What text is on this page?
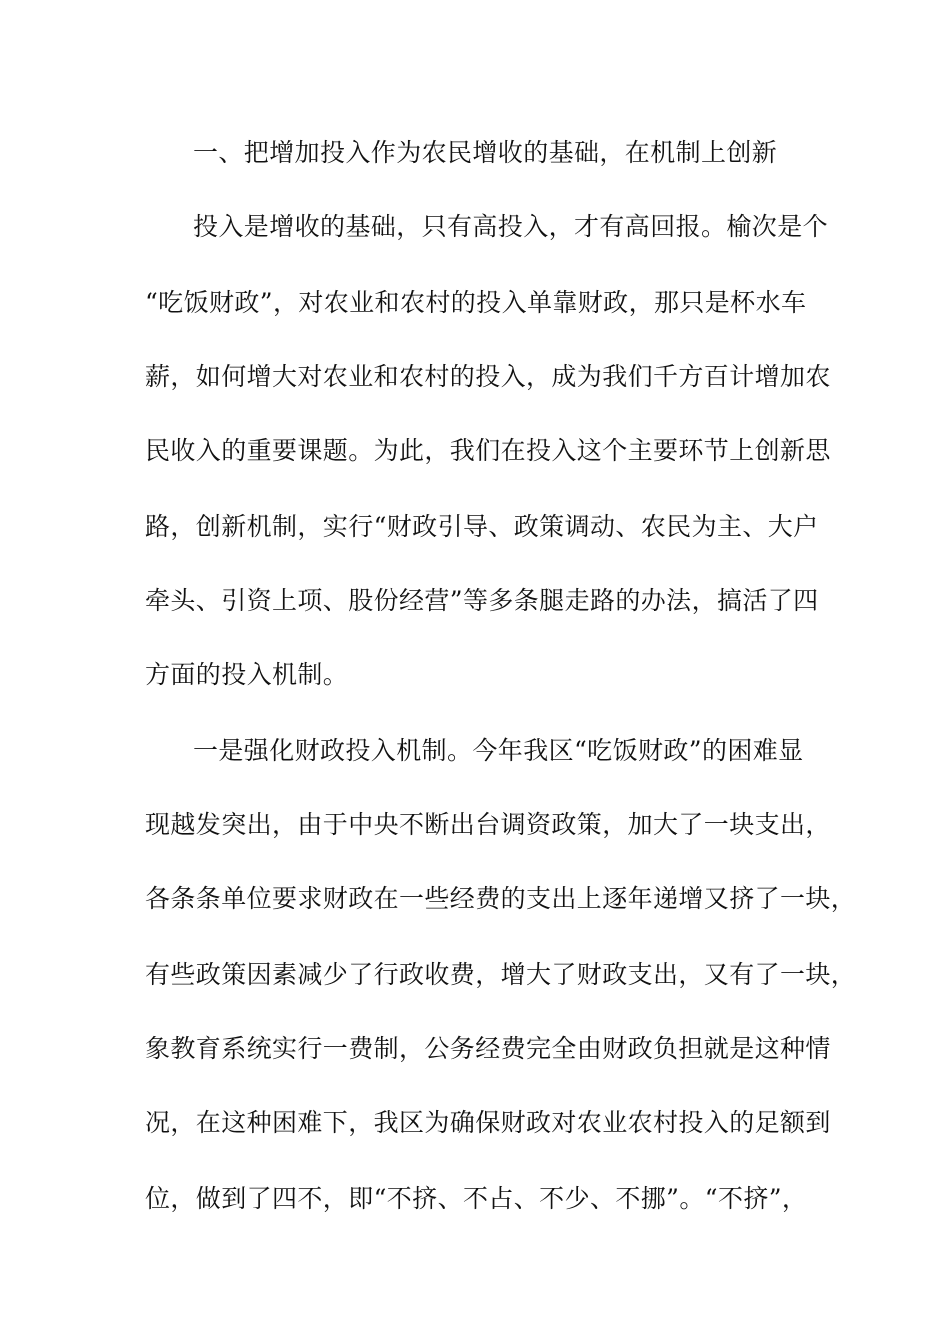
一、把增加投入作为农民增收的基础，在机制上创新
投入是增收的基础，只有高投入，才有高回报。榆次是个
“吃饭财政”，对农业和农村的投入单靠财政，那只是杯水车
薪，如何增大对农业和农村的投入，成为我们千方百计增加农
民收入的重要课题。为此，我们在投入这个主要环节上创新思
路，创新机制，实行“财政引导、政策调动、农民为主、大户
牵头、引资上项、股份经营”等多条腿走路的办法，搞活了四
方面的投入机制。
一是强化财政投入机制。今年我区“吃饭财政”的困难显
现越发突出，由于中央不断出台调资政策，加大了一块支出，
各条条单位要求财政在一些经费的支出上逐年递增又挤了一块，
有些政策因素减少了行政收费，增大了财政支出，又有了一块，
象教育系统实行一费制，公务经费完全由财政负担就是这种情
况，在这种困难下，我区为确保财政对农业农村投入的足额到
位，做到了四不，即“不挤、不占、不少、不挪”。“不挤”，
